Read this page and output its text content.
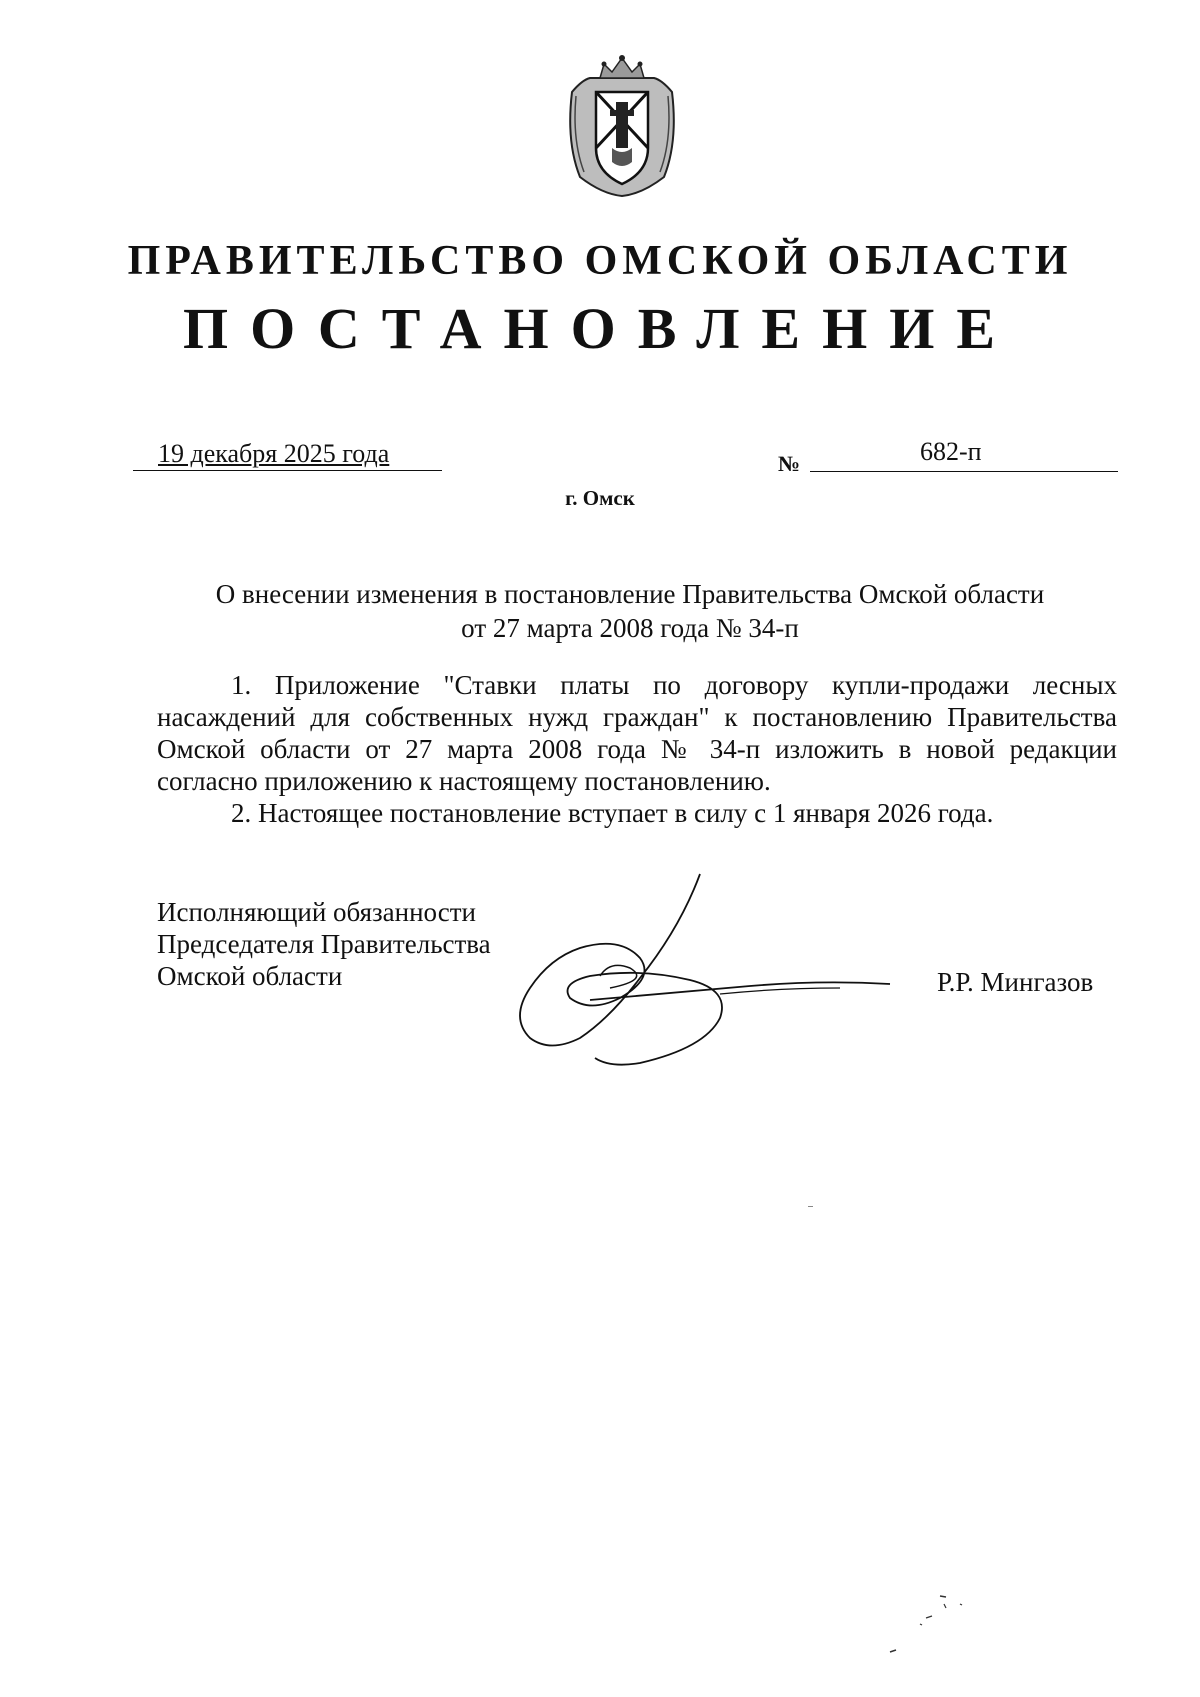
ПРАВИТЕЛЬСТВО ОМСКОЙ ОБЛАСТИ
ПОСТАНОВЛЕНИЕ
19 декабря 2025 года	№	682-п
г. Омск
О внесении изменения в постановление Правительства Омской области
от 27 марта 2008 года № 34-п

1. Приложение "Ставки платы по договору купли-продажи лесных насаждений для собственных нужд граждан" к постановлению Правительства Омской области от 27 марта 2008 года № 34-п изложить в новой редакции согласно приложению к настоящему постановлению.

2. Настоящее постановление вступает в силу с 1 января 2026 года.

Исполняющий обязанности
Председателя Правительства
Омской области	Р.Р. Мингазов
